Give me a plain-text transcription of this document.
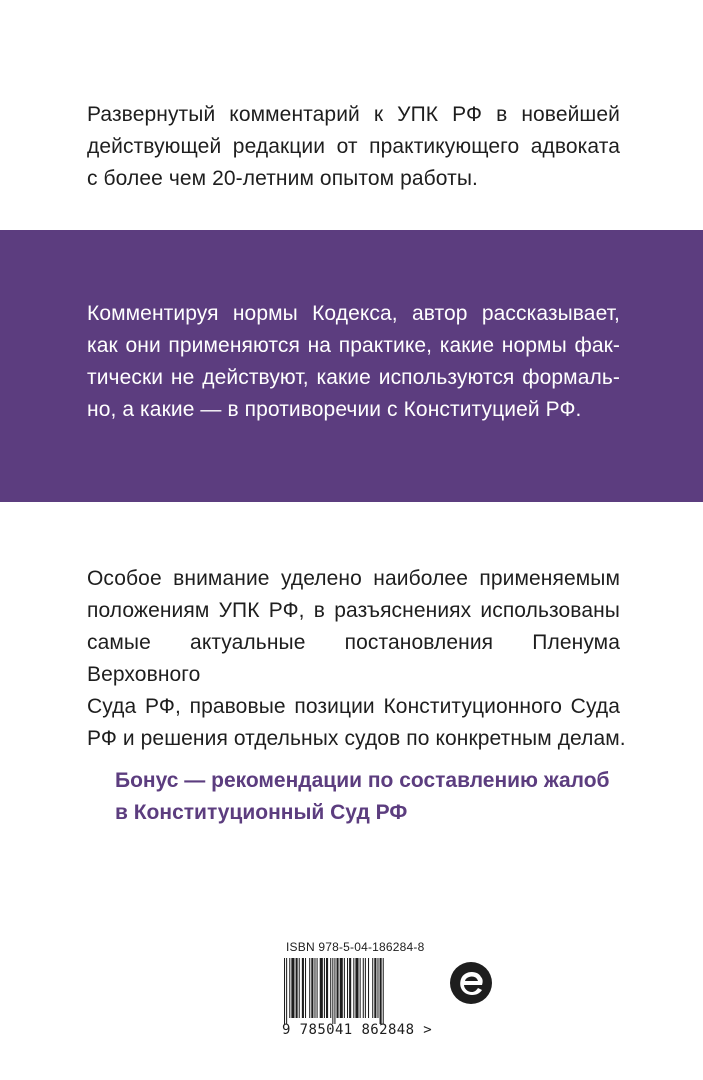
Развернутый комментарий к УПК РФ в новейшей
действующей редакции от практикующего адвоката
с более чем 20-летним опытом работы.

Комментируя нормы Кодекса, автор рассказывает,
как они применяются на практике, какие нормы фак-
тически не действуют, какие используются формаль-
но, а какие — в противоречии с Конституцией РФ.

Особое внимание уделено наиболее применяемым
положениям УПК РФ, в разъяснениях использованы
самые актуальные постановления Пленума Верховного
Суда РФ, правовые позиции Конституционного Суда
РФ и решения отдельных судов по конкретным делам.

Бонус — рекомендации по составлению жалоб
в Конституционный Суд РФ

ISBN 978-5-04-186284-8
9 785041 862848 >
